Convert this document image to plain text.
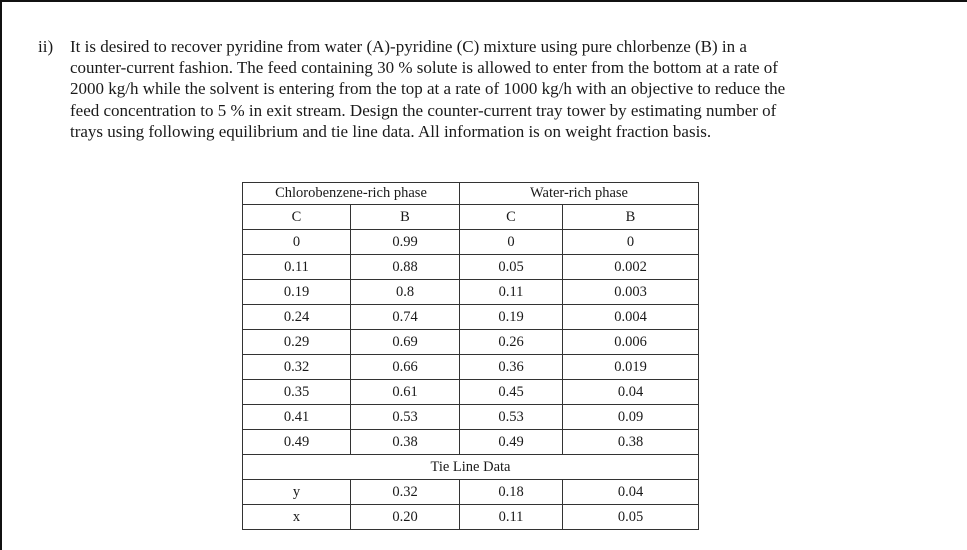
ii) It is desired to recover pyridine from water (A)-pyridine (C) mixture using pure chlorbenze (B) in a
counter-current fashion. The feed containing 30 % solute is allowed to enter from the bottom at a rate of
2000 kg/h while the solvent is entering from the top at a rate of 1000 kg/h with an objective to reduce the
feed concentration to 5 % in exit stream. Design the counter-current tray tower by estimating number of
trays using following equilibrium and tie line data. All information is on weight fraction basis.
Chlorobenzene-rich phase		Water-rich phase	
C	B	C	B
0	0.99	0	0
0.11	0.88	0.05	0.002
0.19	0.8	0.11	0.003
0.24	0.74	0.19	0.004
0.29	0.69	0.26	0.006
0.32	0.66	0.36	0.019
0.35	0.61	0.45	0.04
0.41	0.53	0.53	0.09
0.49	0.38	0.49	0.38
Tie Line Data			
y	0.32	0.18	0.04
x	0.20	0.11	0.05
